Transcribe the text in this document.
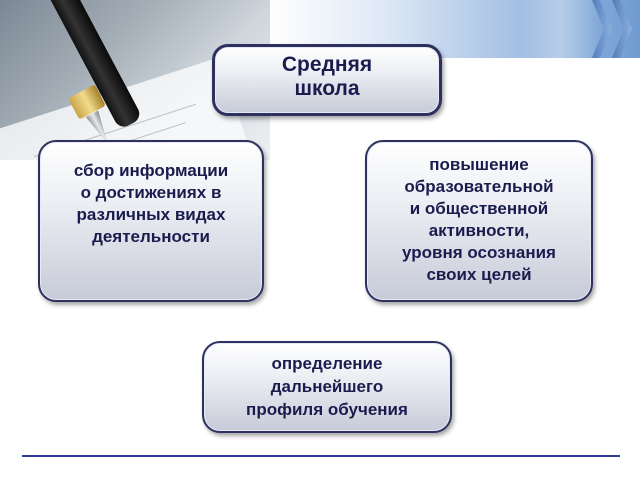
Средняя
школа
сбор информации
о достижениях в
различных видах
деятельности
повышение
образовательной
и общественной
активности,
уровня осознания
своих целей
определение
дальнейшего
профиля обучения
